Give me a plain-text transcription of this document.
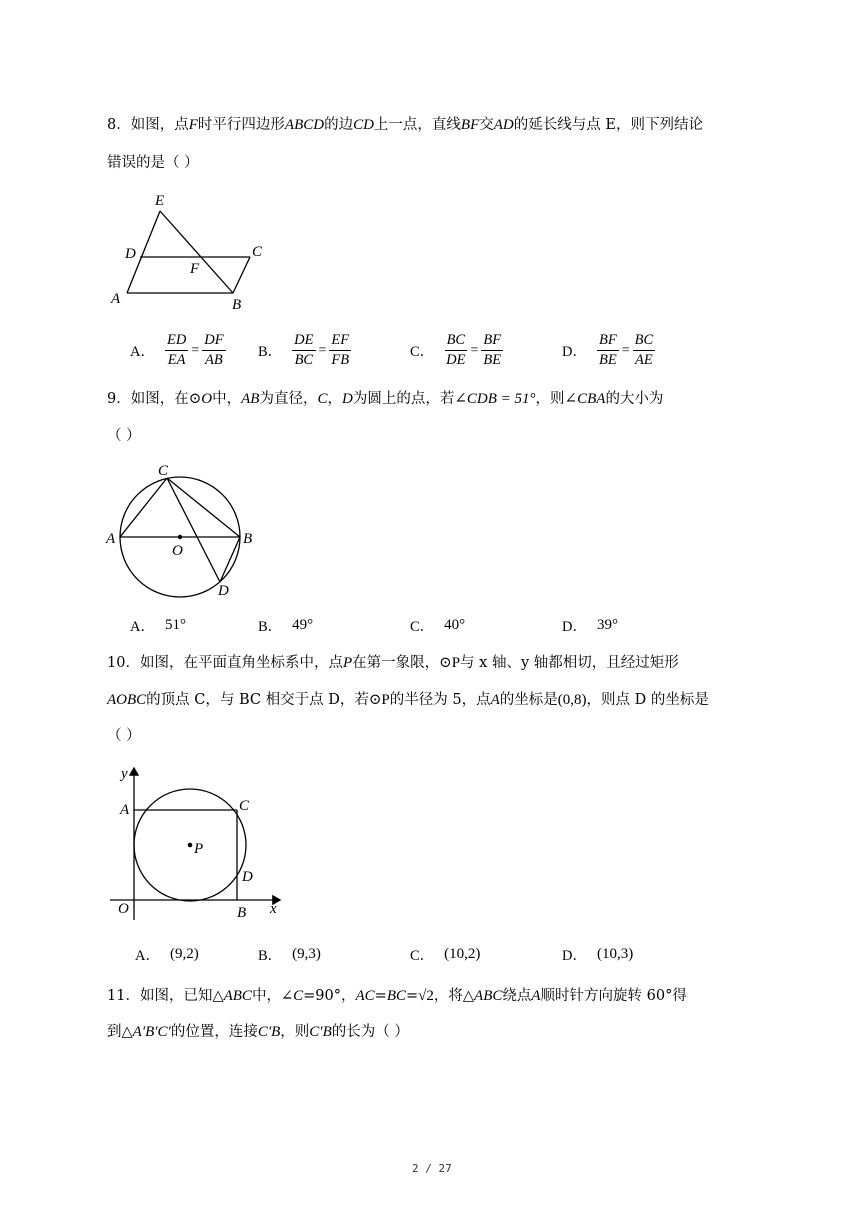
8．如图，点F时平行四边形ABCD的边CD上一点，直线BF交AD的延长线与点 E，则下列结论
错误的是（ ）
E
D	C
F
A	B
A． $\frac{ED}{EA} = \frac{DF}{AB}$ B． $\frac{DE}{BC} = \frac{EF}{FB}$	C． $\frac{BC}{DE} = \frac{BF}{BE}$	D． $\frac{BF}{BE} = \frac{BC}{AE}$
9．如图，在⊙O中，AB为直径，C，D为圆上的点，若∠CDB = 51°，则∠CBA的大小为
（ ）
C
A
O
B
D
A． 51°	B． 49°	C． 40°	D． 39°
10．如图，在平面直角坐标系中，点P在第一象限，⊙P与 x 轴、y 轴都相切，且经过矩形
AOBC的顶点 C，与 BC 相交于点 D，若⊙P的半径为 5，点A的坐标是(0,8)，则点 D 的坐标是
（ ）
y
A	C
P
D
O	B x
A． (9,2)	B． (9,3)	C． (10,2)	D． (10,3)
11．如图，已知△ABC中，∠C=90°，AC=BC=√2，将△ABC绕点A顺时针方向旋转 60°得
到△A′B′C′的位置，连接C′B，则C′B的长为（ ）
2 / 27
